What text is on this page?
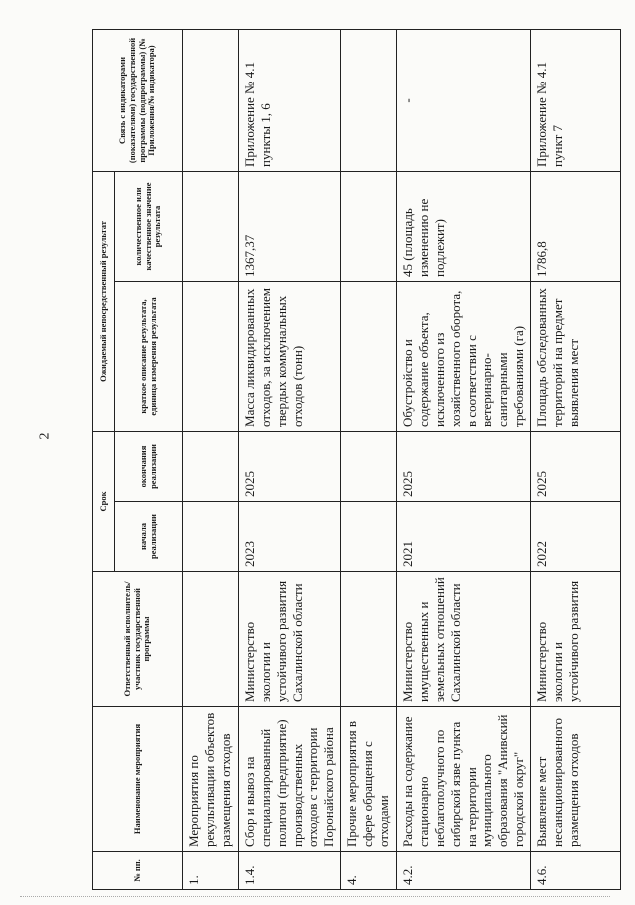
2
№ пп.	Наименование мероприятия	Ответственный исполнитель/участник государственной программы	Срок		Ожидаемый непосредственный результат		Связь с индикаторами (показателями) государственной программы (подпрограммы) (№ Приложения/№ индикатора)
			начала реализации	окончания реализации	краткое описание результата, единица измерения результата	количественное или качественное значение результата	
1.	Мероприятия по рекультивации объектов размещения отходов						
1.4.	Сбор и вывоз на специализированный полигон (предприятие) производственных отходов с территории Поронайского района	Министерство экологии и устойчивого развития Сахалинской области	2023	2025	Масса ликвидированных отходов, за исключением твердых коммунальных отходов (тонн)	1367,37	Приложение № 4.1 пункты 1, 6
4.	Прочие мероприятия в сфере обращения с отходами						
4.2.	Расходы на содержание стационарно неблагополучного по сибирской язве пункта на территории муниципального образования "Анивский городской округ"	Министерство имущественных и земельных отношений Сахалинской области	2021	2025	Обустройство и содержание объекта, исключенного из хозяйственного оборота, в соответствии с ветеринарно-санитарными требованиями (га)	45 (площадь изменению не подлежит)	-
4.6.	Выявление мест несанкционированного размещения отходов	Министерство экологии и устойчивого развития	2022	2025	Площадь обследованных территорий на предмет выявления мест	1786,8	Приложение № 4.1 пункт 7
